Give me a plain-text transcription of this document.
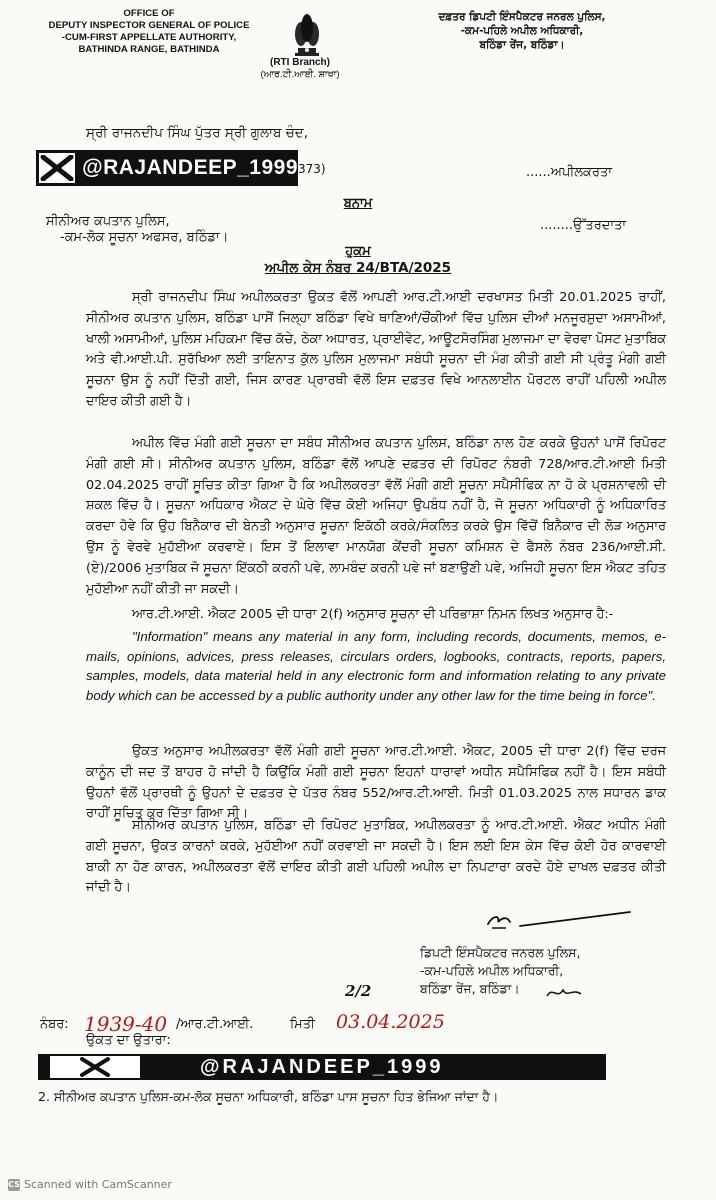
OFFICE OF
DEPUTY INSPECTOR GENERAL OF POLICE
-CUM-FIRST APPELLATE AUTHORITY,
BATHINDA RANGE, BATHINDA
ਦਫ਼ਤਰ ਡਿਪਟੀ ਇੰਸਪੈਕਟਰ ਜਨਰਲ ਪੁਲਿਸ,
-ਕਮ-ਪਹਿਲੇ ਅਪੀਲ ਅਧਿਕਾਰੀ,
ਬਠਿੰਡਾ ਰੇਂਜ, ਬਠਿੰਡਾ।
(RTI Branch)
(ਆਰ.ਟੀ.ਆਈ. ਸ਼ਾਖਾ)
ਸ੍ਰੀ ਰਾਜਨਦੀਪ ਸਿੰਘ ਪੁੱਤਰ ਸ੍ਰੀ ਗੁਲਾਬ ਚੰਦ,
@RAJANDEEP_1999 373)	......ਅਪੀਲਕਰਤਾ
ਬਨਾਮ
ਸੀਨੀਅਰ ਕਪਤਾਨ ਪੁਲਿਸ,
-ਕਮ-ਲੋਕ ਸੂਚਨਾ ਅਫਸਰ, ਬਠਿੰਡਾ।
........ਉੱਤਰਦਾਤਾ
ਹੁਕਮ
ਅਪੀਲ ਕੇਸ ਨੰਬਰ 24/BTA/2025
ਸ੍ਰੀ ਰਾਜਨਦੀਪ ਸਿੰਘ ਅਪੀਲਕਰਤਾ ਉਕਤ ਵੱਲੋਂ ਆਪਣੀ ਆਰ.ਟੀ.ਆਈ ਦਰਖਾਸਤ ਮਿਤੀ 20.01.2025 ਰਾਹੀਂ, ਸੀਨੀਅਰ ਕਪਤਾਨ ਪੁਲਿਸ, ਬਠਿੰਡਾ ਪਾਸੋਂ ਜਿਲ੍ਹਾ ਬਠਿੰਡਾ ਵਿਖੇ ਥਾਣਿਆਂ/ਚੌਂਕੀਆਂ ਵਿੱਚ ਪੁਲਿਸ ਦੀਆਂ ਮਨਜੂਰਸ਼ੁਦਾ ਅਸਾਮੀਆਂ, ਖਾਲੀ ਅਸਾਮੀਆਂ, ਪੁਲਿਸ ਮਹਿਕਮਾ ਵਿੱਚ ਕੱਚੇ, ਠੇਕਾ ਅਧਾਰਤ, ਪ੍ਰਾਈਵੇਟ, ਆਊਟਸੋਰਸਿੰਗ ਮੁਲਾਜਮਾ ਦਾ ਵੇਰਵਾ ਪੋਸਟ ਮੁਤਾਬਿਕ ਅਤੇ ਵੀ.ਆਈ.ਪੀ. ਸੁਰੱਖਿਆ ਲਈ ਤਾਇਨਾਤ ਕੁੱਲ ਪੁਲਿਸ ਮੁਲਾਜਮਾ ਸਬੰਧੀ ਸੂਚਨਾ ਦੀ ਮੰਗ ਕੀਤੀ ਗਈ ਸੀ ਪ੍ਰੰਤੂ ਮੰਗੀ ਗਈ ਸੂਚਨਾ ਉਸ ਨੂੰ ਨਹੀਂ ਦਿੱਤੀ ਗਈ, ਜਿਸ ਕਾਰਣ ਪ੍ਰਾਰਥੀ ਵੱਲੋਂ ਇਸ ਦਫ਼ਤਰ ਵਿਖੇ ਆਨਲਾਈਨ ਪੋਰਟਲ ਰਾਹੀਂ ਪਹਿਲੀ ਅਪੀਲ ਦਾਇਰ ਕੀਤੀ ਗਈ ਹੈ।
ਅਪੀਲ ਵਿੱਚ ਮੰਗੀ ਗਈ ਸੂਚਨਾ ਦਾ ਸਬੰਧ ਸੀਨੀਅਰ ਕਪਤਾਨ ਪੁਲਿਸ, ਬਠਿੰਡਾ ਨਾਲ ਹੋਣ ਕਰਕੇ ਉਹਨਾਂ ਪਾਸੋਂ ਰਿਪੋਰਟ ਮੰਗੀ ਗਈ ਸੀ। ਸੀਨੀਅਰ ਕਪਤਾਨ ਪੁਲਿਸ, ਬਠਿੰਡਾ ਵੱਲੋਂ ਆਪਣੇ ਦਫ਼ਤਰ ਦੀ ਰਿਪੋਰਟ ਨੰਬਰੀ 728/ਆਰ.ਟੀ.ਆਈ ਮਿਤੀ 02.04.2025 ਰਾਹੀਂ ਸੂਚਿਤ ਕੀਤਾ ਗਿਆ ਹੈ ਕਿ ਅਪੀਲਕਰਤਾ ਵੱਲੋਂ ਮੰਗੀ ਗਈ ਸੂਚਨਾ ਸਪੈਸੀਫਿਕ ਨਾ ਹੋ ਕੇ ਪ੍ਰਸ਼ਨਾਵਲੀ ਦੀ ਸ਼ਕਲ ਵਿੱਚ ਹੈ। ਸੂਚਨਾ ਅਧਿਕਾਰ ਐਕਟ ਦੇ ਘੇਰੇ ਵਿੱਚ ਕੋਈ ਅਜਿਹਾ ਉਪਬੰਧ ਨਹੀਂ ਹੈ, ਜੋ ਸੂਚਨਾ ਅਧਿਕਾਰੀ ਨੂੰ ਅਧਿਕਾਰਿਤ ਕਰਦਾ ਹੋਵੇ ਕਿ ਉਹ ਬਿਨੈਕਾਰ ਦੀ ਬੇਨਤੀ ਅਨੁਸਾਰ ਸੂਚਨਾ ਇਕੱਠੀ ਕਰਕੇ/ਸੰਕਲਿਤ ਕਰਕੇ ਉਸ ਵਿੱਚੋਂ ਬਿਨੈਕਾਰ ਦੀ ਲੋੜ ਅਨੁਸਾਰ ਉਸ ਨੂੰ ਵੇਰਵੇ ਮੁਹੱਈਆ ਕਰਵਾਏ। ਇਸ ਤੋਂ ਇਲਾਵਾ ਮਾਨਯੋਗ ਕੇਂਦਰੀ ਸੂਚਨਾ ਕਮਿਸ਼ਨ ਦੇ ਫੈਸਲੇ ਨੰਬਰ 236/ਆਈ.ਸੀ.(ਏ)/2006 ਮੁਤਾਬਿਕ ਜੋ ਸੂਚਨਾ ਇੱਕਠੀ ਕਰਨੀ ਪਵੇ, ਲਾਮਬੰਦ ਕਰਨੀ ਪਵੇ ਜਾਂ ਬਣਾਉਣੀ ਪਵੇ, ਅਜਿਹੀ ਸੂਚਨਾ ਇਸ ਐਕਟ ਤਹਿਤ ਮੁਹੱਈਆ ਨਹੀਂ ਕੀਤੀ ਜਾ ਸਕਦੀ।
ਆਰ.ਟੀ.ਆਈ. ਐਕਟ 2005 ਦੀ ਧਾਰਾ 2(f) ਅਨੁਸਾਰ ਸੂਚਨਾ ਦੀ ਪਰਿਭਾਸ਼ਾ ਨਿਮਨ ਲਿਖਤ ਅਨੁਸਾਰ ਹੈ:-
"Information" means any material in any form, including records, documents, memos, e-mails, opinions, advices, press releases, circulars orders, logbooks, contracts, reports, papers, samples, models, data material held in any electronic form and information relating to any private body which can be accessed by a public authority under any other law for the time being in force".
ਉਕਤ ਅਨੁਸਾਰ ਅਪੀਲਕਰਤਾ ਵੱਲੋਂ ਮੰਗੀ ਗਈ ਸੂਚਨਾ ਆਰ.ਟੀ.ਆਈ. ਐਕਟ, 2005 ਦੀ ਧਾਰਾ 2(f) ਵਿੱਚ ਦਰਜ ਕਾਨੂੰਨ ਦੀ ਜਦ ਤੋਂ ਬਾਹਰ ਹੋ ਜਾਂਦੀ ਹੈ ਕਿਉਂਕਿ ਮੰਗੀ ਗਈ ਸੂਚਨਾ ਇਹਨਾਂ ਧਾਰਾਵਾਂ ਅਧੀਨ ਸਪੈਸਿਫਿਕ ਨਹੀਂ ਹੈ। ਇਸ ਸਬੰਧੀ ਉਹਨਾਂ ਵੱਲੋਂ ਪ੍ਰਾਰਥੀ ਨੂੰ ਉਹਨਾਂ ਦੇ ਦਫ਼ਤਰ ਦੇ ਪੱਤਰ ਨੰਬਰ 552/ਆਰ.ਟੀ.ਆਈ. ਮਿਤੀ 01.03.2025 ਨਾਲ ਸਧਾਰਨ ਡਾਕ ਰਾਹੀਂ ਸੂਚਿਤ ਕਰ ਦਿੱਤਾ ਗਿਆ ਸੀ।
ਸੀਨੀਅਰ ਕਪਤਾਨ ਪੁਲਿਸ, ਬਠਿੰਡਾ ਦੀ ਰਿਪੋਰਟ ਮੁਤਾਬਿਕ, ਅਪੀਲਕਰਤਾ ਨੂੰ ਆਰ.ਟੀ.ਆਈ. ਐਕਟ ਅਧੀਨ ਮੰਗੀ ਗਈ ਸੂਚਨਾ, ਉਕਤ ਕਾਰਨਾਂ ਕਰਕੇ, ਮੁਹੱਈਆ ਨਹੀਂ ਕਰਵਾਈ ਜਾ ਸਕਦੀ ਹੈ। ਇਸ ਲਈ ਇਸ ਕੇਸ ਵਿੱਚ ਕੋਈ ਹੋਰ ਕਾਰਵਾਈ ਬਾਕੀ ਨਾ ਹੋਣ ਕਾਰਨ, ਅਪੀਲਕਰਤਾ ਵੱਲੋਂ ਦਾਇਰ ਕੀਤੀ ਗਈ ਪਹਿਲੀ ਅਪੀਲ ਦਾ ਨਿਪਟਾਰਾ ਕਰਦੇ ਹੋਏ ਦਾਖਲ ਦਫ਼ਤਰ ਕੀਤੀ ਜਾਂਦੀ ਹੈ।
ਡਿਪਟੀ ਇੰਸਪੈਕਟਰ ਜਨਰਲ ਪੁਲਿਸ,
-ਕਮ-ਪਹਿਲੇ ਅਪੀਲ ਅਧਿਕਾਰੀ,
ਬਠਿੰਡਾ ਰੇਂਜ, ਬਠਿੰਡਾ।
2/2
ਨੰਬਰ: 1939-40 /ਆਰ.ਟੀ.ਆਈ.	ਮਿਤੀ 03.04.2025
ਉਕਤ ਦਾ ਉਤਾਰਾ:
@RAJANDEEP_1999
2. ਸੀਨੀਅਰ ਕਪਤਾਨ ਪੁਲਿਸ-ਕਮ-ਲੋਕ ਸੂਚਨਾ ਅਧਿਕਾਰੀ, ਬਠਿੰਡਾ ਪਾਸ ਸੂਚਨਾ ਹਿਤ ਭੇਜਿਆ ਜਾਂਦਾ ਹੈ।
CS Scanned with CamScanner
